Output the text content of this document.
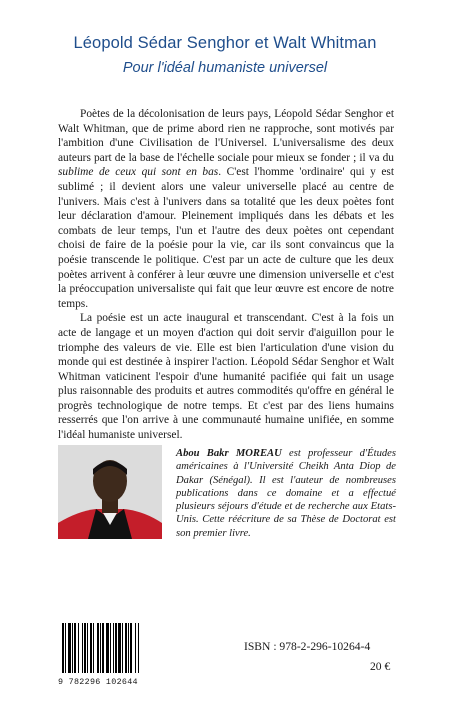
Léopold Sédar Senghor et Walt Whitman
Pour l'idéal humaniste universel

Poètes de la décolonisation de leurs pays, Léopold Sédar Senghor et Walt Whitman, que de prime abord rien ne rapproche, sont motivés par l'ambition d'une Civilisation de l'Universel. L'universalisme des deux auteurs part de la base de l'échelle sociale pour mieux se fonder ; il va du sublime de ceux qui sont en bas. C'est l'homme 'ordinaire' qui y est sublimé ; il devient alors une valeur universelle placé au centre de l'univers. Mais c'est à l'univers dans sa totalité que les deux poètes font leur déclaration d'amour. Pleinement impliqués dans les débats et les combats de leur temps, l'un et l'autre des deux poètes ont cependant choisi de faire de la poésie pour la vie, car ils sont convaincus que la poésie transcende le politique. C'est par un acte de culture que les deux poètes arrivent à conférer à leur œuvre une dimension universelle et c'est la préoccupation universaliste qui fait que leur œuvre est encore de notre temps.

La poésie est un acte inaugural et transcendant. C'est à la fois un acte de langage et un moyen d'action qui doit servir d'aiguillon pour le triomphe des valeurs de vie. Elle est bien l'articulation d'une vision du monde qui est destinée à inspirer l'action. Léopold Sédar Senghor et Walt Whitman vaticinent l'espoir d'une humanité pacifiée qui fait un usage plus raisonnable des produits et autres commodités qu'offre en général le progrès technologique de notre temps. Et c'est par des liens humains resserrés que l'on arrive à une communauté humaine unifiée, en somme l'idéal humaniste universel.

Abou Bakr MOREAU est professeur d'Études américaines à l'Université Cheikh Anta Diop de Dakar (Sénégal). Il est l'auteur de nombreuses publications dans ce domaine et a effectué plusieurs séjours d'étude et de recherche aux Etats-Unis. Cette réécriture de sa Thèse de Doctorat est son premier livre.
9 782296 102644
ISBN : 978-2-296-10264-4
20 €
